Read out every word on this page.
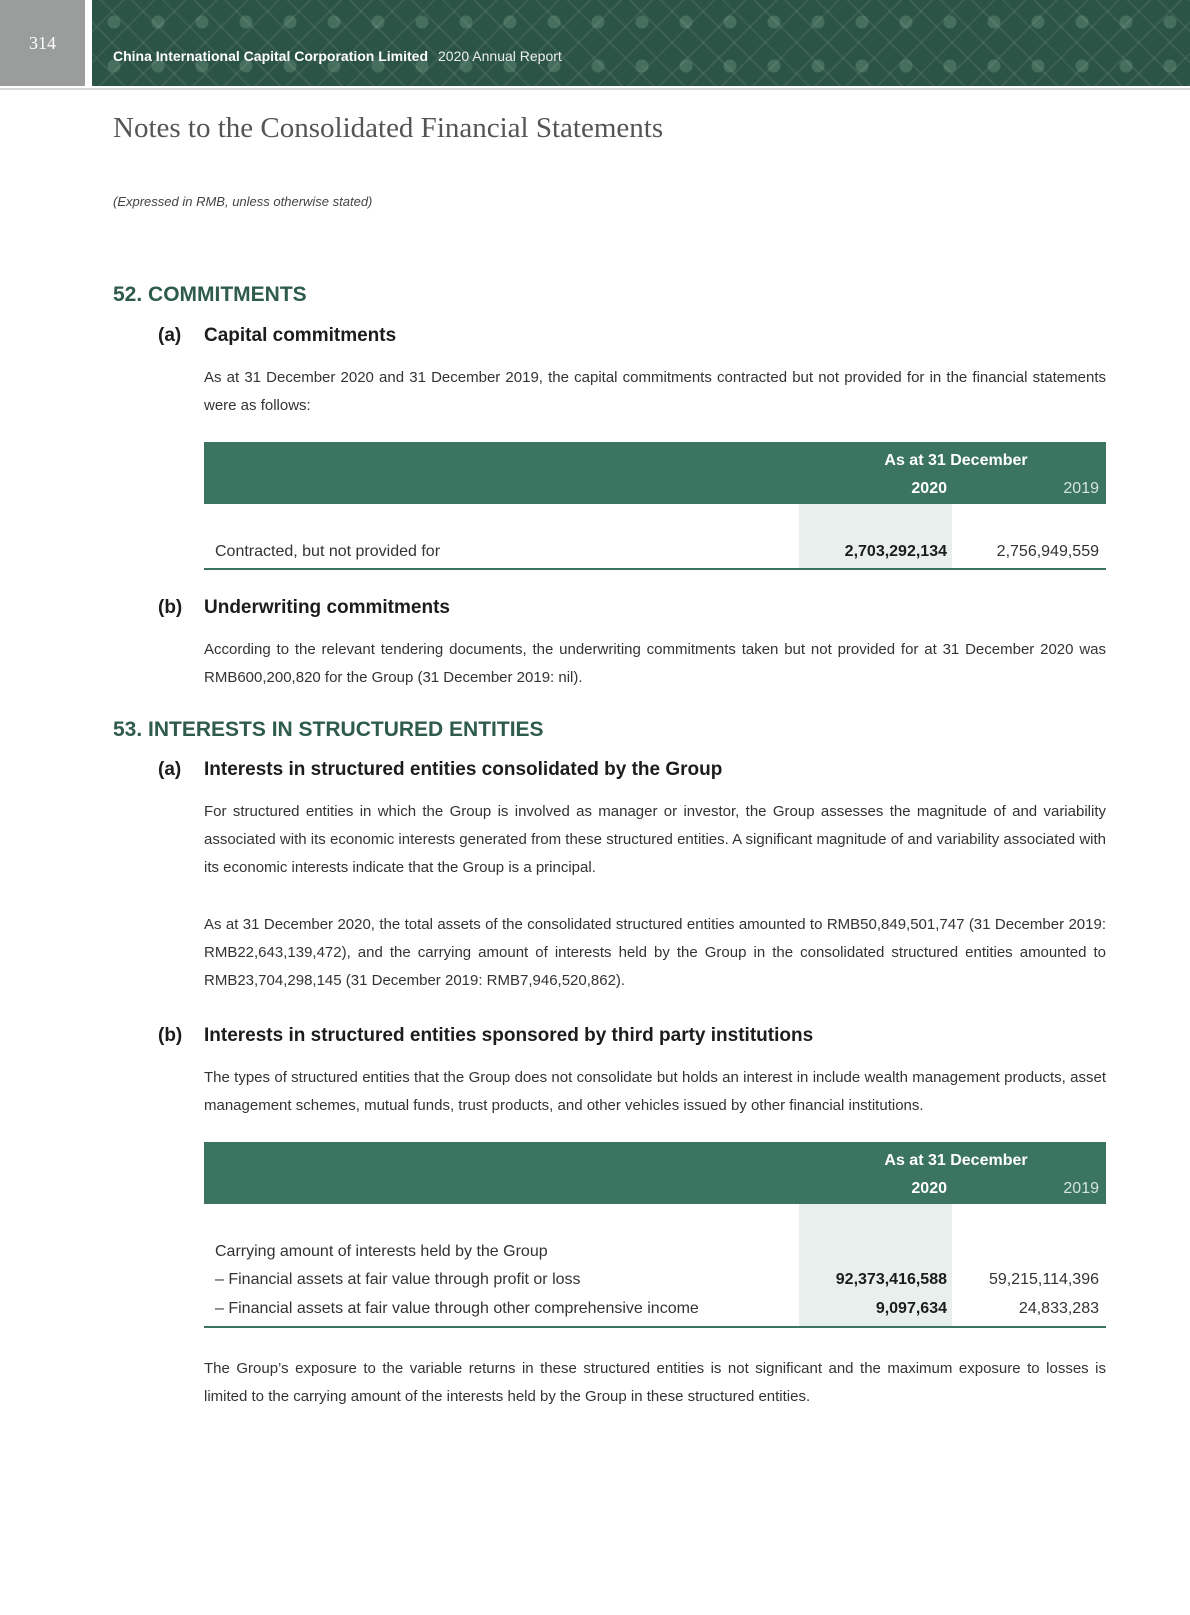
314
China International Capital Corporation Limited 2020 Annual Report
Notes to the Consolidated Financial Statements
(Expressed in RMB, unless otherwise stated)
52. COMMITMENTS
(a) Capital commitments

As at 31 December 2020 and 31 December 2019, the capital commitments contracted but not provided for in the financial statements were as follows:

As at 31 December
2020	2019
Contracted, but not provided for	2,703,292,134	2,756,949,559
(b) Underwriting commitments

According to the relevant tendering documents, the underwriting commitments taken but not provided for at 31 December 2020 was RMB600,200,820 for the Group (31 December 2019: nil).

53. INTERESTS IN STRUCTURED ENTITIES
(a) Interests in structured entities consolidated by the Group

For structured entities in which the Group is involved as manager or investor, the Group assesses the magnitude of and variability associated with its economic interests generated from these structured entities. A significant magnitude of and variability associated with its economic interests indicate that the Group is a principal.

As at 31 December 2020, the total assets of the consolidated structured entities amounted to RMB50,849,501,747 (31 December 2019: RMB22,643,139,472), and the carrying amount of interests held by the Group in the consolidated structured entities amounted to RMB23,704,298,145 (31 December 2019: RMB7,946,520,862).

(b) Interests in structured entities sponsored by third party institutions

The types of structured entities that the Group does not consolidate but holds an interest in include wealth management products, asset management schemes, mutual funds, trust products, and other vehicles issued by other financial institutions.

As at 31 December
2020	2019
Carrying amount of interests held by the Group
– Financial assets at fair value through profit or loss	92,373,416,588	59,215,114,396
– Financial assets at fair value through other comprehensive income	9,097,634	24,833,283

The Group’s exposure to the variable returns in these structured entities is not significant and the maximum exposure to losses is limited to the carrying amount of the interests held by the Group in these structured entities.
